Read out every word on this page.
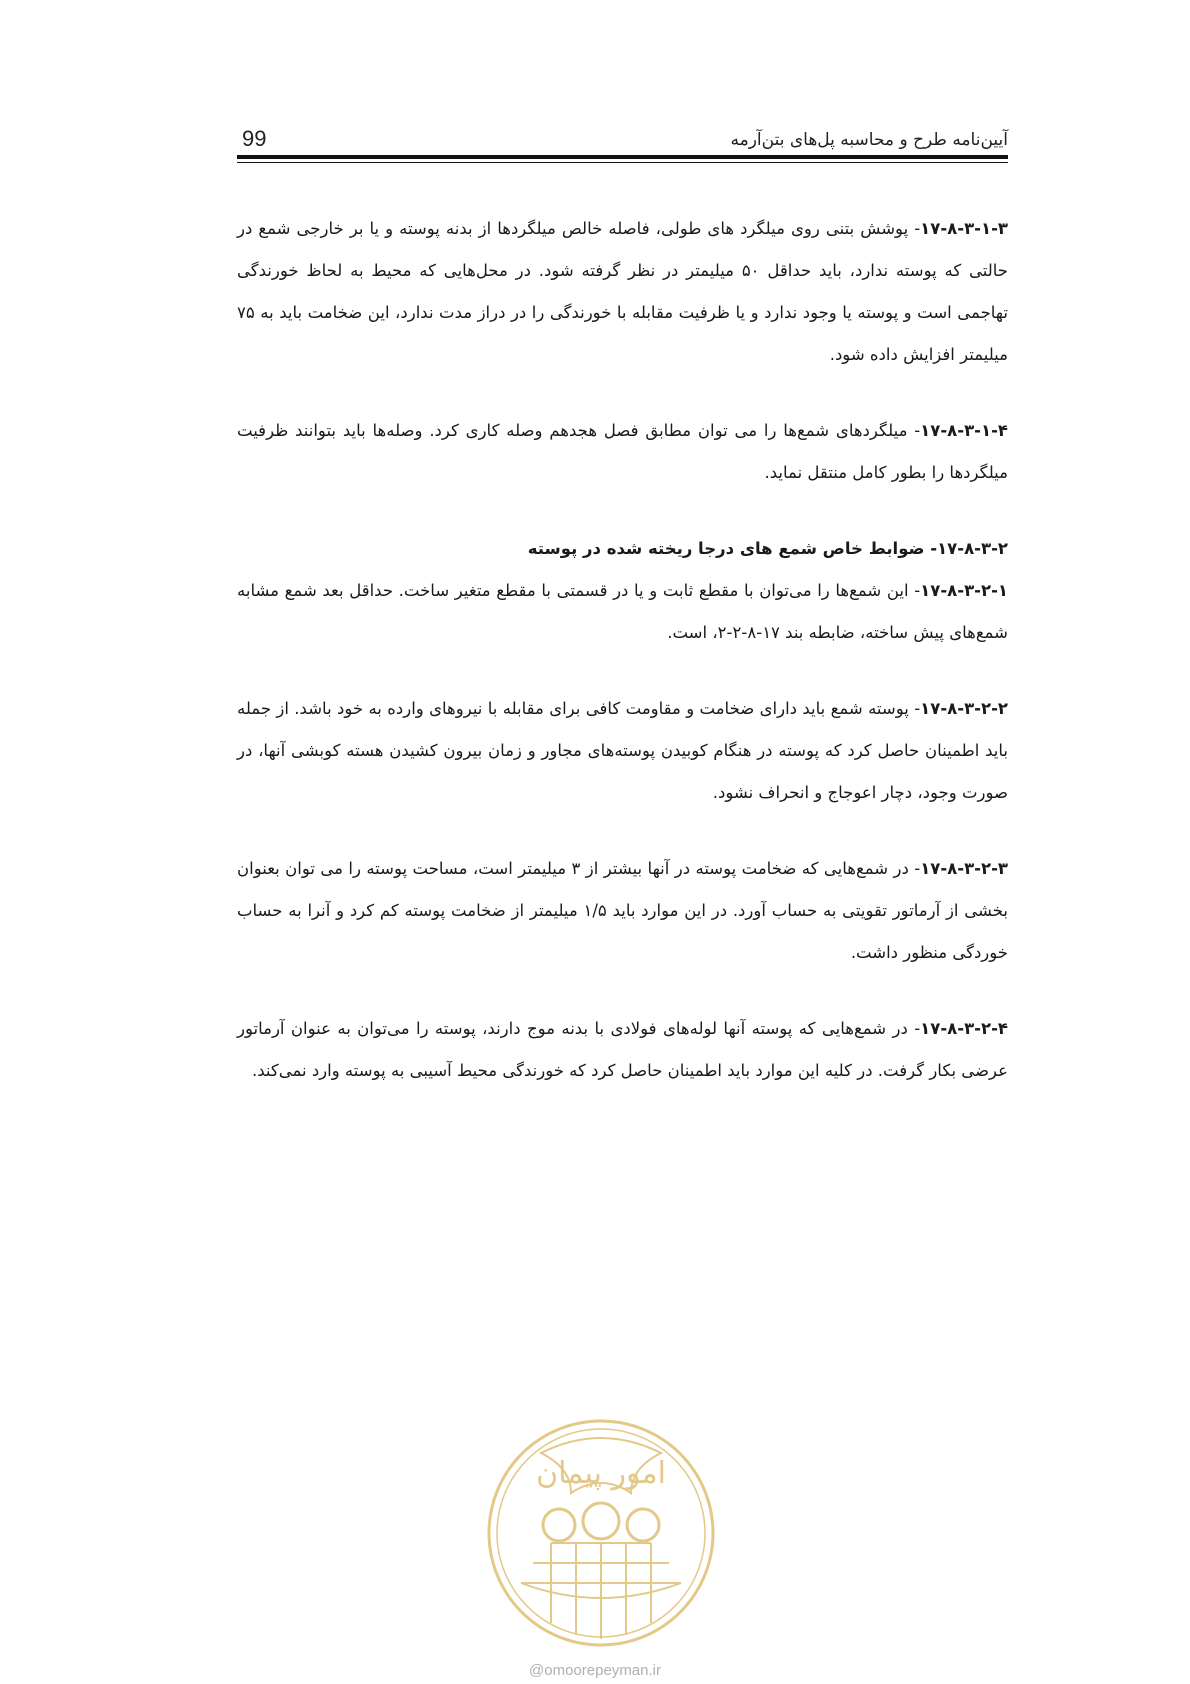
99	آیین‌نامه طرح و محاسبه پل‌های بتن‌آرمه

۱۷-۸-۳-۱-۳- پوشش بتنی روی میلگرد های طولی، فاصله خالص میلگردها از بدنه پوسته و یا بر خارجی شمع در حالتی که پوسته ندارد، باید حداقل ۵۰ میلیمتر در نظر گرفته شود. در محل‌هایی که محیط به لحاظ خورندگی تهاجمی است و پوسته یا وجود ندارد و یا ظرفیت مقابله با خورندگی را در دراز مدت ندارد، این ضخامت باید به ۷۵ میلیمتر افزایش داده شود.

۱۷-۸-۳-۱-۴- میلگردهای شمع‌ها را می توان مطابق فصل هجدهم وصله کاری کرد. وصله‌ها باید بتوانند ظرفیت میلگردها را بطور کامل منتقل نماید.

۱۷-۸-۳-۲- ضوابط خاص شمع های درجا ریخته شده در پوسته

۱۷-۸-۳-۲-۱- این شمع‌ها را می‌توان با مقطع ثابت و یا در قسمتی با مقطع متغیر ساخت. حداقل بعد شمع مشابه شمع‌های پیش ساخته، ضابطه بند ۱۷-۸-۲-۲، است.

۱۷-۸-۳-۲-۲- پوسته شمع باید دارای ضخامت و مقاومت کافی برای مقابله با نیروهای وارده به خود باشد. از جمله باید اطمینان حاصل کرد که پوسته در هنگام کوبیدن پوسته‌های مجاور و زمان بیرون کشیدن هسته کوبشی آنها، در صورت وجود، دچار اعوجاج و انحراف نشود.

۱۷-۸-۳-۲-۳- در شمع‌هایی که ضخامت پوسته در آنها بیشتر از ۳ میلیمتر است، مساحت پوسته را می توان بعنوان بخشی از آرماتور تقویتی به حساب آورد. در این موارد باید ۱/۵ میلیمتر از ضخامت پوسته کم کرد و آنرا به حساب خوردگی منظور داشت.

۱۷-۸-۳-۲-۴- در شمع‌هایی که پوسته آنها لوله‌های فولادی با بدنه موج دارند، پوسته را می‌توان به عنوان آرماتور عرضی بکار گرفت. در کلیه این موارد باید اطمینان حاصل کرد که خورندگی محیط آسیبی به پوسته وارد نمی‌کند.

امور پیمان
@omoorepeyman.ir
